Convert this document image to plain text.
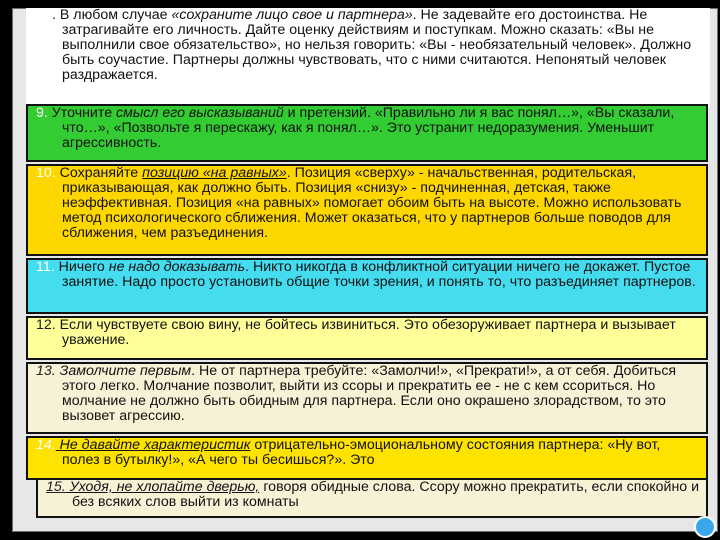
. В любом случае «сохраните лицо свое и партнера». Не задевайте его достоинства. Не затрагивайте его личность. Дайте оценку действиям и поступкам. Можно сказать: «Вы не выполнили свое обязательство», но нельзя говорить: «Вы - необязательный человек». Должно быть соучастие. Партнеры должны чувствовать, что с ними считаются. Непонятый человек раздражается.

9. Уточните смысл его высказываний и претензий. «Правильно ли я вас понял…», «Вы сказали, что…», «Позвольте я перескажу, как я понял…». Это устранит недоразумения. Уменьшит агрессивность.

10. Сохраняйте позицию «на равных». Позиция «сверху» - начальственная, родительская, приказывающая, как должно быть. Позиция «снизу» - подчиненная, детская, также неэффективная. Позиция «на равных» помогает обоим быть на высоте. Можно использовать метод психологического сближения. Может оказаться, что у партнеров больше поводов для сближения, чем разъединения.

11. Ничего не надо доказывать. Никто никогда в конфликтной ситуации ничего не докажет. Пустое занятие. Надо просто установить общие точки зрения, и понять то, что разъединяет партнеров.

12. Если чувствуете свою вину, не бойтесь извиниться. Это обезоруживает партнера и вызывает уважение.

13. Замолчите первым. Не от партнера требуйте: «Замолчи!», «Прекрати!», а от себя. Добиться этого легко. Молчание позволит, выйти из ссоры и прекратить ее - не с кем ссориться. Но молчание не должно быть обидным для партнера. Если оно окрашено злорадством, то это вызовет агрессию.

14. Не давайте характеристик отрицательно-эмоциональному состояния партнера: «Ну вот, полез в бутылку!», «А чего ты бесишься?». Это

15. Уходя, не хлопайте дверью, говоря обидные слова. Ссору можно прекратить, если спокойно и без всяких слов выйти из комнаты
